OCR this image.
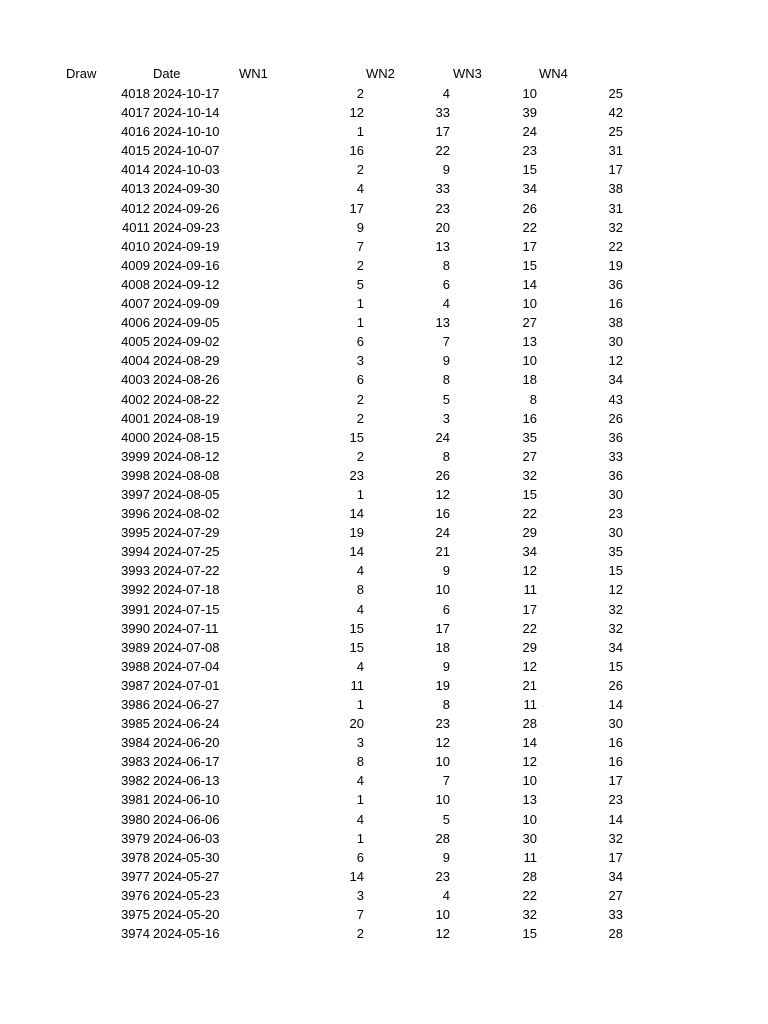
Draw	Date	WN1	WN2	WN3	WN4
4018 2024-10-17	2	4	10	25
4017 2024-10-14	12	33	39	42
4016 2024-10-10	1	17	24	25
4015 2024-10-07	16	22	23	31
4014 2024-10-03	2	9	15	17
4013 2024-09-30	4	33	34	38
4012 2024-09-26	17	23	26	31
4011 2024-09-23	9	20	22	32
4010 2024-09-19	7	13	17	22
4009 2024-09-16	2	8	15	19
4008 2024-09-12	5	6	14	36
4007 2024-09-09	1	4	10	16
4006 2024-09-05	1	13	27	38
4005 2024-09-02	6	7	13	30
4004 2024-08-29	3	9	10	12
4003 2024-08-26	6	8	18	34
4002 2024-08-22	2	5	8	43
4001 2024-08-19	2	3	16	26
4000 2024-08-15	15	24	35	36
3999 2024-08-12	2	8	27	33
3998 2024-08-08	23	26	32	36
3997 2024-08-05	1	12	15	30
3996 2024-08-02	14	16	22	23
3995 2024-07-29	19	24	29	30
3994 2024-07-25	14	21	34	35
3993 2024-07-22	4	9	12	15
3992 2024-07-18	8	10	11	12
3991 2024-07-15	4	6	17	32
3990 2024-07-11	15	17	22	32
3989 2024-07-08	15	18	29	34
3988 2024-07-04	4	9	12	15
3987 2024-07-01	11	19	21	26
3986 2024-06-27	1	8	11	14
3985 2024-06-24	20	23	28	30
3984 2024-06-20	3	12	14	16
3983 2024-06-17	8	10	12	16
3982 2024-06-13	4	7	10	17
3981 2024-06-10	1	10	13	23
3980 2024-06-06	4	5	10	14
3979 2024-06-03	1	28	30	32
3978 2024-05-30	6	9	11	17
3977 2024-05-27	14	23	28	34
3976 2024-05-23	3	4	22	27
3975 2024-05-20	7	10	32	33
3974 2024-05-16	2	12	15	28
